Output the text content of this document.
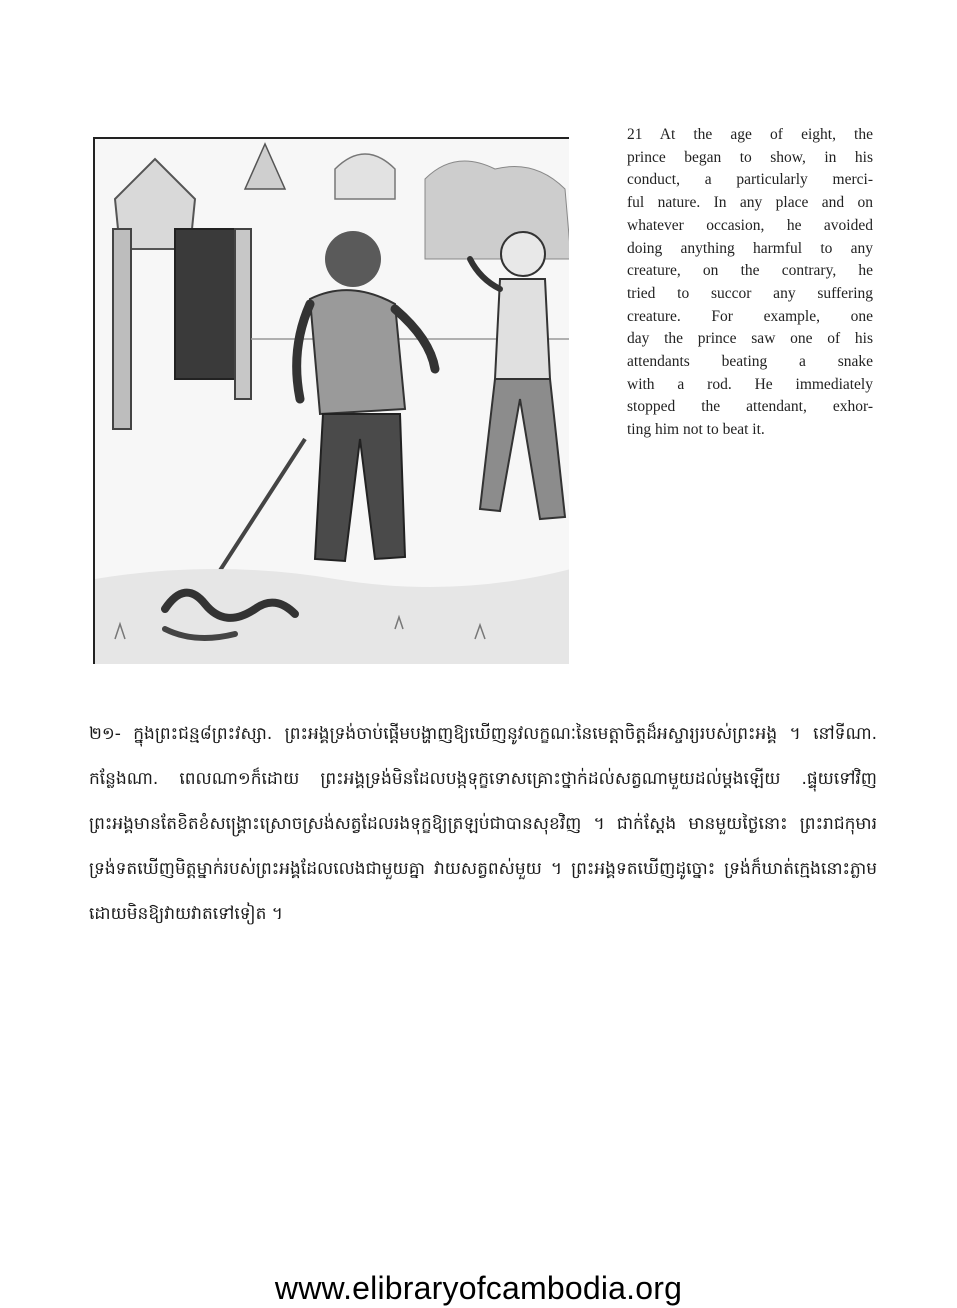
21 At the age of eight, the
prince began to show, in his
conduct, a particularly merci-
ful nature. In any place and on
whatever occasion, he avoided
doing anything harmful to any
creature, on the contrary, he
tried to succor any suffering
creature. For example, one
day the prince saw one of his
attendants beating a snake
with a rod. He immediately
stopped the attendant, exhor-
ting him not to beat it.
២១- ក្នុងព្រះជន្ម៨ព្រះវស្សា. ព្រះអង្គទ្រង់ចាប់ផ្ដើមបង្ហាញឱ្យឃើញនូវលក្ខណៈនៃមេត្តាចិត្តដ៏អស្ចារ្យរបស់ព្រះអង្គ ។ នៅទីណា. កន្លែងណា. ពេលណា១ក៏ដោយ ព្រះអង្គទ្រង់មិនដែលបង្កទុក្ខទោសគ្រោះថ្នាក់ដល់សត្វណាមួយដល់ម្ដងឡើយ .ផ្ទុយទៅវិញ ព្រះអង្គមានតែខិតខំសង្គ្រោះស្រោចស្រង់សត្វដែលរងទុក្ខឱ្យត្រឡប់ជាបានសុខវិញ ។ ជាក់ស្ដែង មានមួយថ្ងៃនោះ ព្រះរាជកុមារទ្រង់ទតឃើញមិត្តម្នាក់របស់ព្រះអង្គដែលលេងជាមួយគ្នា វាយសត្វពស់មួយ ។ ព្រះអង្គទតឃើញដូច្នោះ ទ្រង់ក៏ឃាត់ក្មេងនោះភ្លាម ដោយមិនឱ្យវាយវាតទៅទៀត ។
www.elibraryofcambodia.org
